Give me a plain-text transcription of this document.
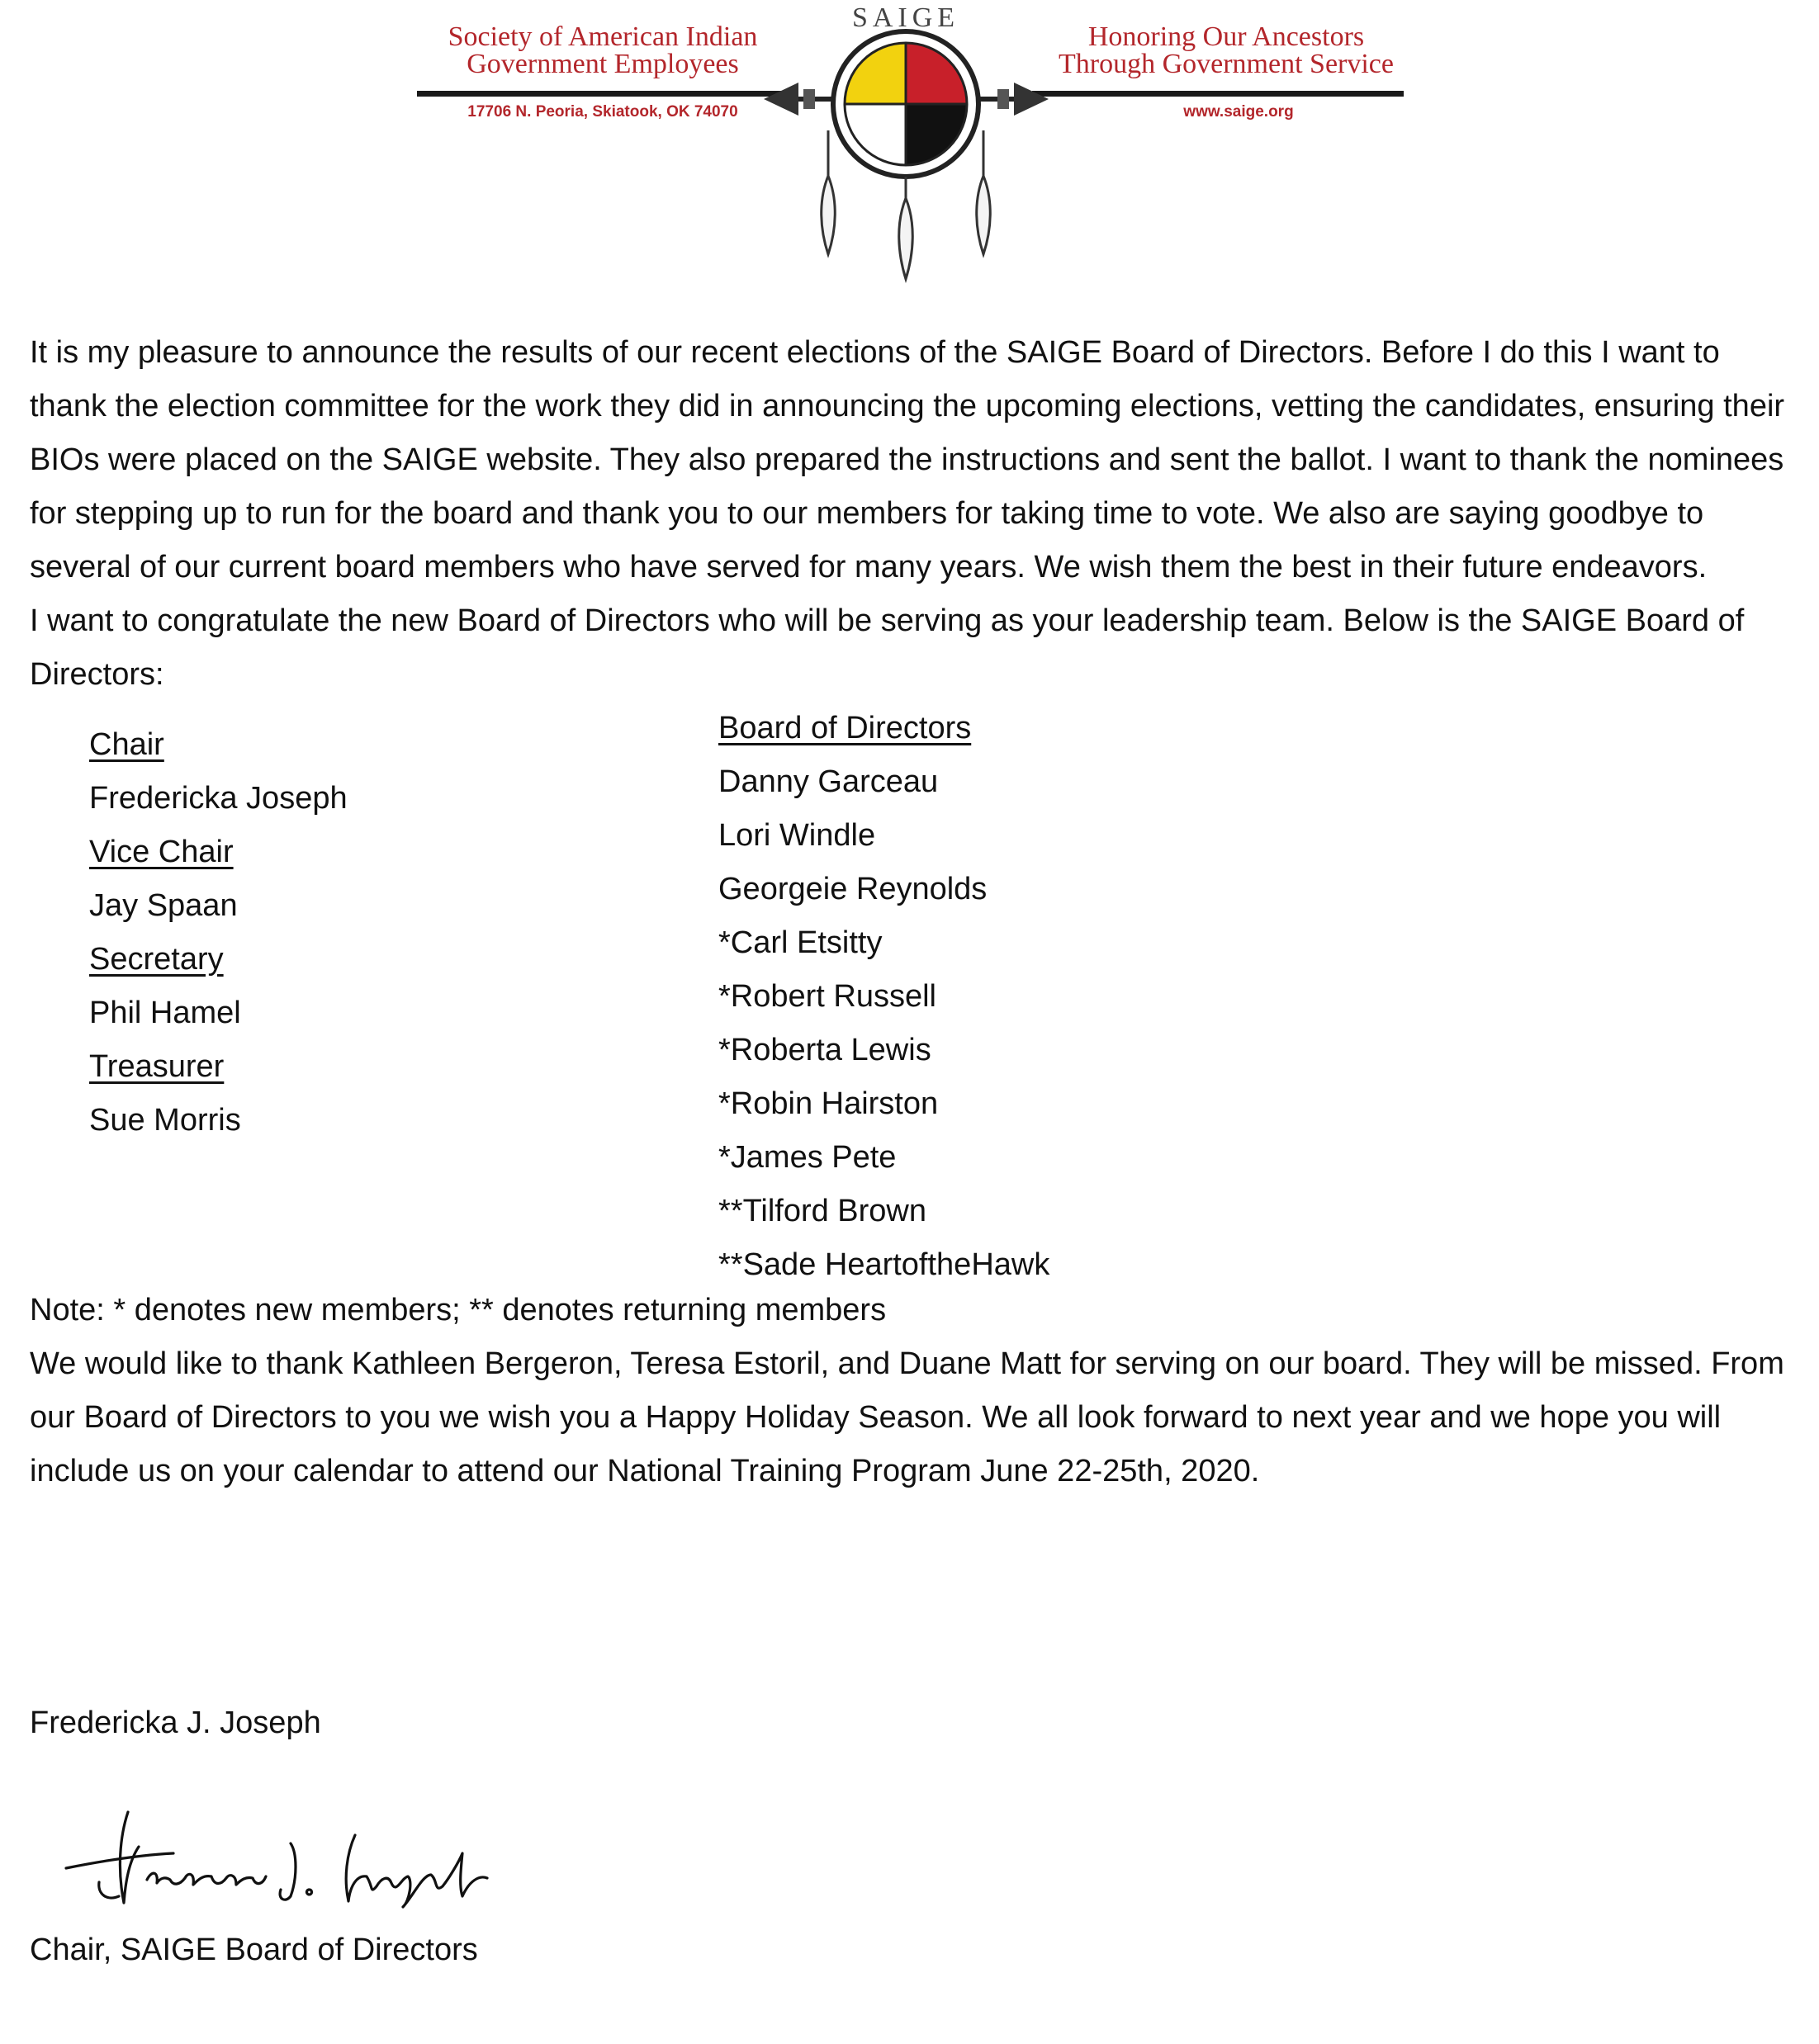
Society of American Indian
Government Employees
17706 N. Peoria, Skiatook, OK 74070
Honoring Our Ancestors
Through Government Service
www.saige.org
SAIGE

It is my pleasure to announce the results of our recent elections of the SAIGE Board of Directors. Before I do this I want to thank the election committee for the work they did in announcing the upcoming elections, vetting the candidates, ensuring their BIOs were placed on the SAIGE website. They also prepared the instructions and sent the ballot. I want to thank the nominees for stepping up to run for the board and thank you to our members for taking time to vote. We also are saying goodbye to several of our current board members who have served for many years. We wish them the best in their future endeavors.

I want to congratulate the new Board of Directors who will be serving as your leadership team. Below is the SAIGE Board of Directors:

Chair
Fredericka Joseph
Vice Chair
Jay Spaan
Secretary
Phil Hamel
Treasurer
Sue Morris
Board of Directors
Danny Garceau
Lori Windle
Georgeie Reynolds
*Carl Etsitty
*Robert Russell
*Roberta Lewis
*Robin Hairston
*James Pete
**Tilford Brown
**Sade HeartoftheHawk

Note: * denotes new members; ** denotes returning members

We would like to thank Kathleen Bergeron, Teresa Estoril, and Duane Matt for serving on our board. They will be missed. From our Board of Directors to you we wish you a Happy Holiday Season. We all look forward to next year and we hope you will include us on your calendar to attend our National Training Program June 22-25th, 2020.

Fredericka J. Joseph
Chair, SAIGE Board of Directors
